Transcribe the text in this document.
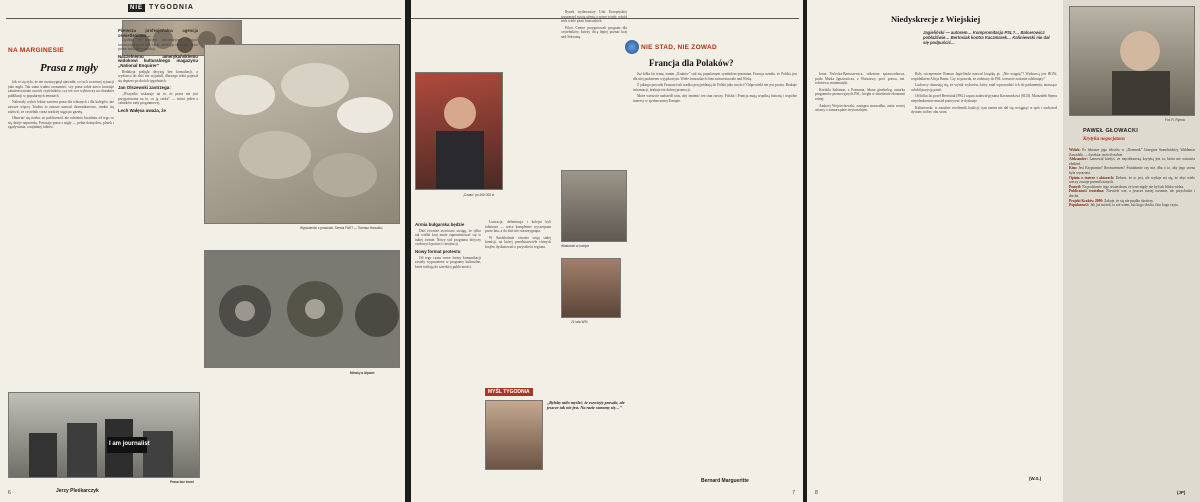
NIE TYGODNIA
NA MARGINESIE
Prasa z mgły

Jak to się żyło, że nie rozstrzygnął ujawniła, co tych wczesnej sytuacji jako mgła. Tak samo trudno zrozumieć, czy prasa sobie nowo kosztuje zainteresowanie swoich czytelników, czy też swe wybiorczy na charakter publikacji w popularnych tematach.

Nalewały wybór lektur zawiera prasa dla własnych i dla kolegów, nie zawsze więcej. Trudno to zawsze nazwać dziennikarstwo, trudno się zdziwić, że czytelnik coraz rzadziej sięga po gazetę.

Obawiać się trzeba, że publiczność nie odróżnia kwadratu od tego co się dzieje naprawdę. Powstaje prasa z mgły — pełna domysłów, plotek i zgadywania, a najmniej faktów.

Jerzy Pleśkarczyk
6
Pierwsza profesjonalna agencja oświetleniowa…

Zgodnie z naszymi informacjami fotograf towarzyszył przez cały okres, zbierając materiały, które potem zniknęły z redakcji.

Naczelnemu amerykańskiemu widokowi kulturalnego magazynu „National Enquirer”

Redakcja podjęła decyzję bez konsultacji, a wydawca do dziś nie wyjaśnił, dlaczego tekst pojawił się dopiero po dwóch tygodniach.

Jan Olszewski zastrzega:

„Wszystko wskazuje na to, że prasa nie jest przygotowana na to, co ją czeka” — mówi jeden z członków rady programowej.

Lech Wałęsa uważa, że
Wypowiedzi z prasówki. Serwis FAKT — Tomasz Hanuśko
Mówią w Alpach
I am journalist
Prasa bez broni
NIE STAD, NIE ZOWAD
„Czasu” po 200 000 zł
Armia bułgarska będzie

Dziś również zwrócono uwagę, że tylko tak wielki kraj może zaprezentować się w takiej formie. Nowy styl programu dotyczy czołowych postaci i instytucji.

Nowy format protestu

Od tego czasu nowe formy komunikacji zostały wyposażone w programy kulturalne, które trafiają do szerokiej publiczności.

Lustracja, delimitacja i kolejni byli żołnierze — rzecz kompletnie wyczerpana przez lata, a do dziś nie rozstrzygnięta.

W Sztokholmie otwarto sesję stałej komisji, na której przedstawiciele różnych krajów dyskutowali o przyszłości regionu.

Rynek wydawniczy Unii Europejskiej rozszerzył swoją ofertę o nowe tytuły, wśród nich wiele pism francuskich.

Piloci Centre przygotowali program dla czytelników, którzy chcą lepiej poznać kraj nad Sekwaną.

Właściciel w kolejce
21 lata WSI
MYŚL TYGODNIA
„Byłoby miło myśleć, że zwycięży prawda, ale jeszcze tak nie jest. Na razie staramy się…”
Francja dla Polaków?

Już kilka lat temu, zanim „Kraków” stał się popularnym symbolem przemian, Francja uznała, że Polska jest dla niej partnerem wyjątkowym. Wiele francuskich firm zainwestowało nad Wisłą.

Z jakiego powodu Francuzi tak rzadko przyjeżdżają do Polski jako turyści? Odpowiedź nie jest prosta. Brakuje informacji, brakuje też dobrej promocji.

Może wreszcie nadszedł czas, aby zmienić ten stan rzeczy. Polska i Francja mają wspólną historię i wspólne interesy w zjednoczonej Europie.

Bernard Margueritte
7
Niedyskrecje z Wiejskiej
Jagieliński — autorem… Kompromitacja PSL?… Balcerowicz pobłażliwie… Bertosiak kontra Kaczmarek… Kaliniewski nie dał się podpuścić…

Irena Terlecka-Bartoszewicz, sekretarz sprawozdawca, posła Marka Ignatowicza, z Warszawy, prof. prawa, inż. rolnictwa, matematyki.

Kordula Salomon, z Poznania, lekarz ginekolog, autorka programów promocyjnych PSL, biegła w dziedzinie ekonomii rolnej.

Andrzej Wojciechowski, zastępca marszałka, autor nowej ustawy o samorządzie terytorialnym.

Były wicepremier Roman Jagieliński nazwał książkę pt. „Nie ustąpię”? Wydawcą jest BGW, wspólnikiem Alicja Bazin. Czy to prawda, że zrobiony do PSL wreszcie zostanie odsłonięty?

Ludowcy obawiają się, że wynik wyborów, który miał wprowadzić ich do parlamentu, znacząco osłabił pozycję partii.

Od kilku lat poseł Bertosiak (PSL) często zadawał pytania Kaczmarkowi (SLD). Marszałek Sejmu niejednokrotnie musiał przerywać te dyskusje.

Kaliniewski, w zasadzie zwolennik koalicji, tym razem nie dał się wciągnąć w spór i zachował dystans wobec obu stron.

(W.S.)
8
Fot. R. Rynna
PAWEŁ GŁOWACKI
Krytyka negocjatora

Widok: Po lekturze jego tekstów w „Dziennik” Grzegorz Szmelnickiej, Waldemar Zawadzki — dyrektor, mówił realnie.

Aleksander: Lansował kiedyś, że najciekawszą krytyką jest ta, która nie zostawia złudzeń.

Kim: Jest Kryptonim? Recenzentem? Świadomie czy nie, dba o to, aby jego ocena była wyrazista.

Opinia o teatrze i aktorach: Dobrze, że to jest, ale wydaje mi się, że zbyt wiele rzeczy zostaje przemilczanych.

Pomyśl: Na podstawie tego stwierdzam, że teatr nigdy nie był tak blisko widza.

Publiczność teatralna: Niewiele wie, a jeszcze mniej rozumie, ale przychodzi i słucha.

Projekt Kraków 2000: Zakuje, że się nie prędko skończy.

Popularność: Jak już mówił, to nie wiem, kto kogo słucha i kto kogo czyta.

(JP)
